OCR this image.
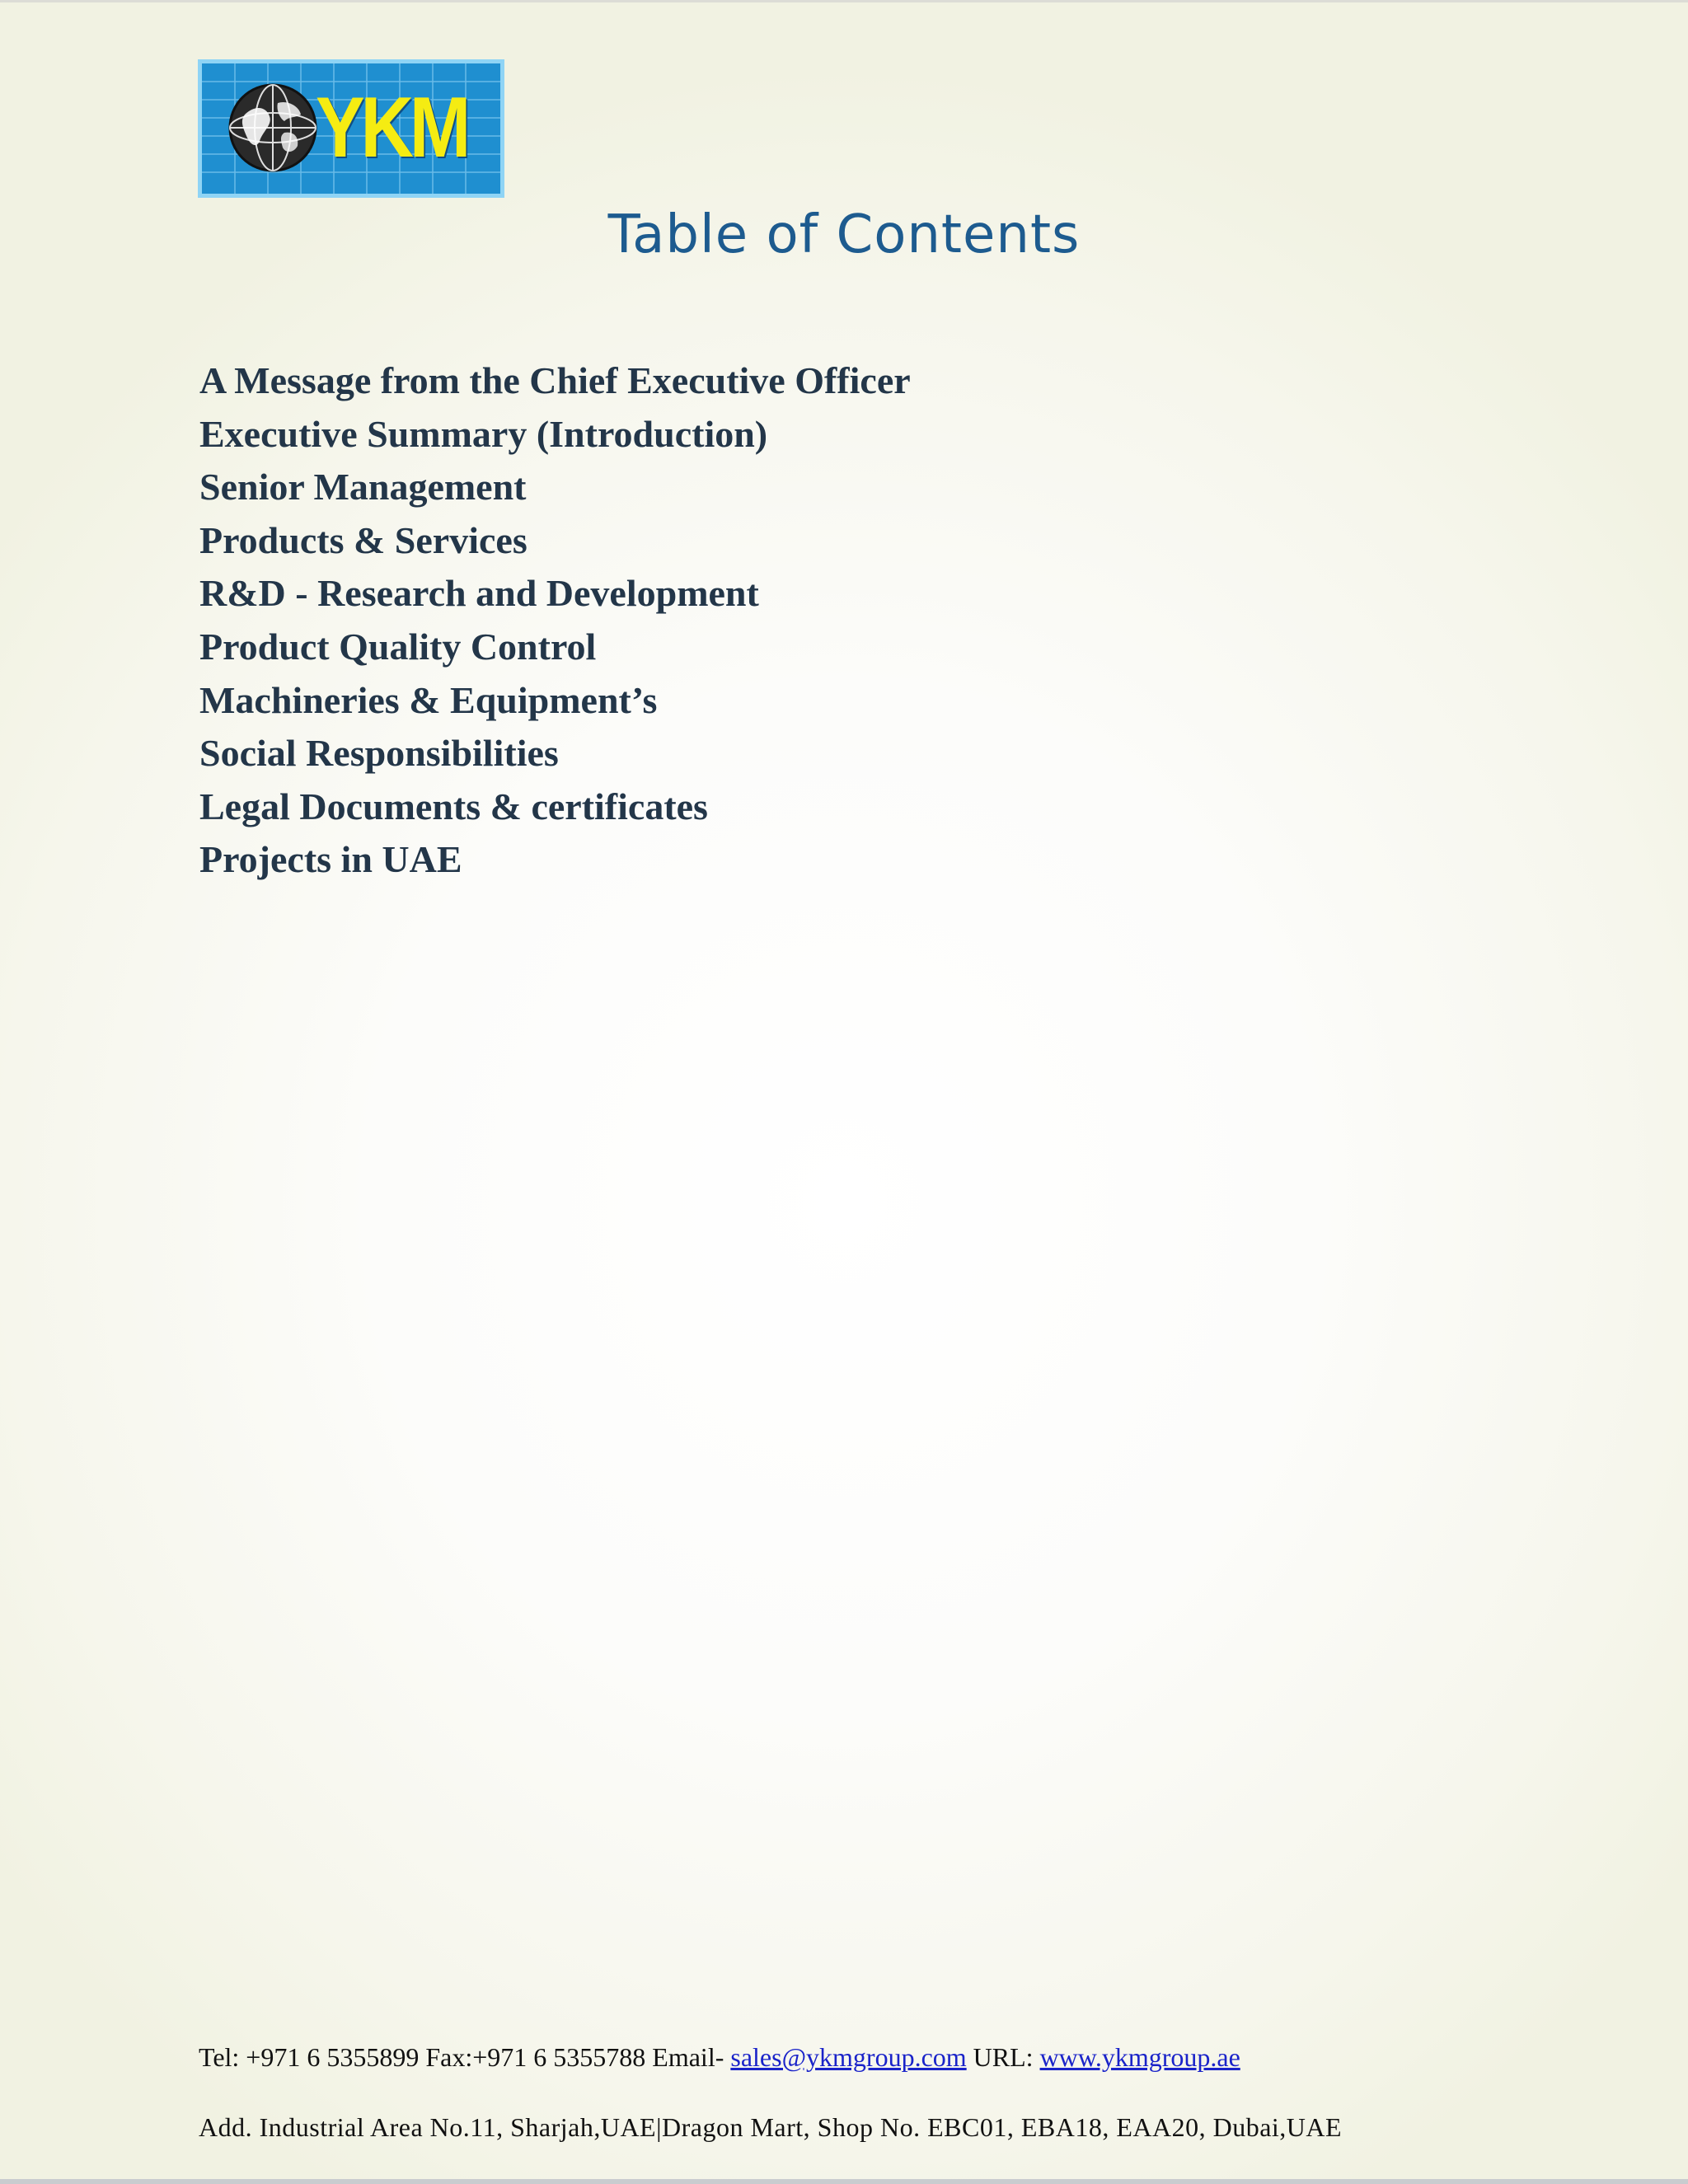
YKM
Table of Contents
A Message from the Chief Executive Officer
Executive Summary (Introduction)
Senior Management
Products & Services
R&D - Research and Development
Product Quality Control
Machineries & Equipment’s
Social Responsibilities
Legal Documents & certificates
Projects in UAE
Tel: +971 6 5355899 Fax:+971 6 5355788 Email- sales@ykmgroup.com URL: www.ykmgroup.ae
Add. Industrial Area No.11, Sharjah,UAE|Dragon Mart, Shop No. EBC01, EBA18, EAA20, Dubai,UAE
